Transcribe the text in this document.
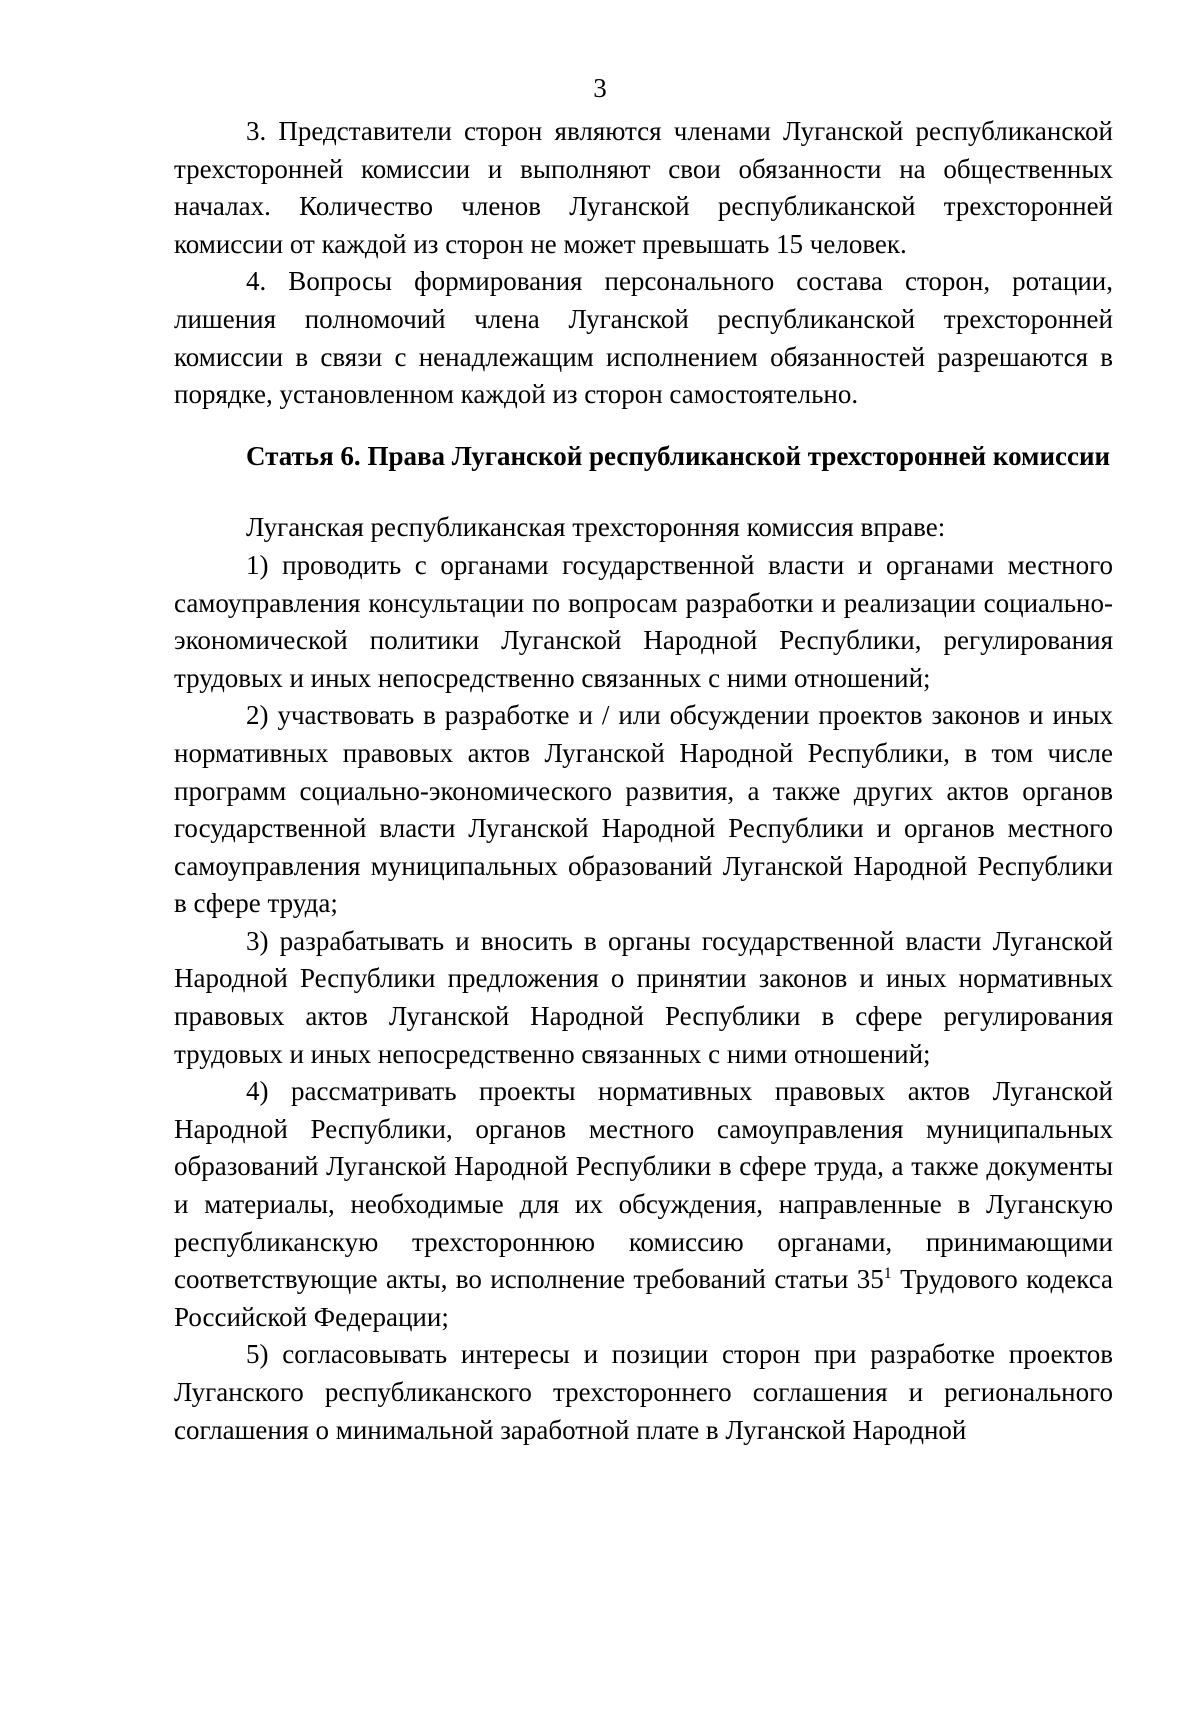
3

3. Представители сторон являются членами Луганской республиканской трехсторонней комиссии и выполняют свои обязанности на общественных началах. Количество членов Луганской республиканской трехсторонней комиссии от каждой из сторон не может превышать 15 человек.

4. Вопросы формирования персонального состава сторон, ротации, лишения полномочий члена Луганской республиканской трехсторонней комиссии в связи с ненадлежащим исполнением обязанностей разрешаются в порядке, установленном каждой из сторон самостоятельно.

Статья 6. Права Луганской республиканской трехсторонней комиссии

Луганская республиканская трехсторонняя комиссия вправе:

1) проводить с органами государственной власти и органами местного самоуправления консультации по вопросам разработки и реализации социально-экономической политики Луганской Народной Республики, регулирования трудовых и иных непосредственно связанных с ними отношений;

2) участвовать в разработке и / или обсуждении проектов законов и иных нормативных правовых актов Луганской Народной Республики, в том числе программ социально-экономического развития, а также других актов органов государственной власти Луганской Народной Республики и органов местного самоуправления муниципальных образований Луганской Народной Республики в сфере труда;

3) разрабатывать и вносить в органы государственной власти Луганской Народной Республики предложения о принятии законов и иных нормативных правовых актов Луганской Народной Республики в сфере регулирования трудовых и иных непосредственно связанных с ними отношений;

4) рассматривать проекты нормативных правовых актов Луганской Народной Республики, органов местного самоуправления муниципальных образований Луганской Народной Республики в сфере труда, а также документы и материалы, необходимые для их обсуждения, направленные в Луганскую республиканскую трехстороннюю комиссию органами, принимающими соответствующие акты, во исполнение требований статьи $35^1$ Трудового кодекса Российской Федерации;

5) согласовывать интересы и позиции сторон при разработке проектов Луганского республиканского трехстороннего соглашения и регионального соглашения о минимальной заработной плате в Луганской Народной
